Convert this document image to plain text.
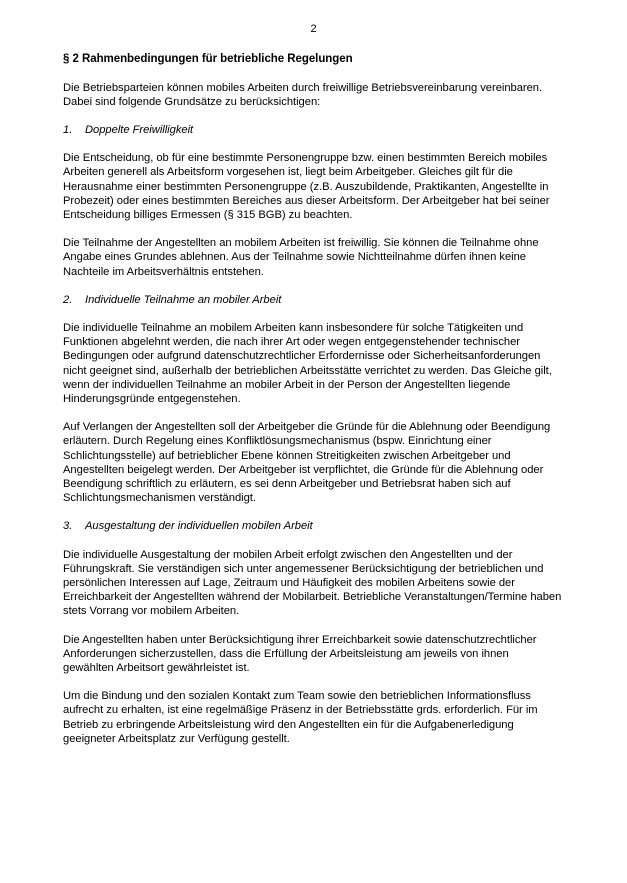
2
§ 2 Rahmenbedingungen für betriebliche Regelungen

Die Betriebsparteien können mobiles Arbeiten durch freiwillige Betriebsvereinbarung vereinbaren. Dabei sind folgende Grundsätze zu berücksichtigen:

1.	Doppelte Freiwilligkeit

Die Entscheidung, ob für eine bestimmte Personengruppe bzw. einen bestimmten Bereich mobiles Arbeiten generell als Arbeitsform vorgesehen ist, liegt beim Arbeitgeber. Gleiches gilt für die Herausnahme einer bestimmten Personengruppe (z.B. Auszubildende, Praktikanten, Angestellte in Probezeit) oder eines bestimmten Bereiches aus dieser Arbeitsform. Der Arbeitgeber hat bei seiner Entscheidung billiges Ermessen (§ 315 BGB) zu beachten.

Die Teilnahme der Angestellten an mobilem Arbeiten ist freiwillig. Sie können die Teilnahme ohne Angabe eines Grundes ablehnen. Aus der Teilnahme sowie Nichtteilnahme dürfen ihnen keine Nachteile im Arbeitsverhältnis entstehen.

2.	Individuelle Teilnahme an mobiler Arbeit

Die individuelle Teilnahme an mobilem Arbeiten kann insbesondere für solche Tätigkeiten und Funktionen abgelehnt werden, die nach ihrer Art oder wegen entgegenstehender technischer Bedingungen oder aufgrund datenschutzrechtlicher Erfordernisse oder Sicherheitsanforderungen nicht geeignet sind, außerhalb der betrieblichen Arbeitsstätte verrichtet zu werden. Das Gleiche gilt, wenn der individuellen Teilnahme an mobiler Arbeit in der Person der Angestellten liegende Hinderungsgründe entgegenstehen.

Auf Verlangen der Angestellten soll der Arbeitgeber die Gründe für die Ablehnung oder Beendigung erläutern. Durch Regelung eines Konfliktlösungsmechanismus (bspw. Einrichtung einer Schlichtungsstelle) auf betrieblicher Ebene können Streitigkeiten zwischen Arbeitgeber und Angestellten beigelegt werden. Der Arbeitgeber ist verpflichtet, die Gründe für die Ablehnung oder Beendigung schriftlich zu erläutern, es sei denn Arbeitgeber und Betriebsrat haben sich auf Schlichtungsmechanismen verständigt.

3.	Ausgestaltung der individuellen mobilen Arbeit

Die individuelle Ausgestaltung der mobilen Arbeit erfolgt zwischen den Angestellten und der Führungskraft. Sie verständigen sich unter angemessener Berücksichtigung der betrieblichen und persönlichen Interessen auf Lage, Zeitraum und Häufigkeit des mobilen Arbeitens sowie der Erreichbarkeit der Angestellten während der Mobilarbeit. Betriebliche Veranstaltungen/Termine haben stets Vorrang vor mobilem Arbeiten.

Die Angestellten haben unter Berücksichtigung ihrer Erreichbarkeit sowie datenschutzrechtlicher Anforderungen sicherzustellen, dass die Erfüllung der Arbeitsleistung am jeweils von ihnen gewählten Arbeitsort gewährleistet ist.

Um die Bindung und den sozialen Kontakt zum Team sowie den betrieblichen Informationsfluss aufrecht zu erhalten, ist eine regelmäßige Präsenz in der Betriebsstätte grds. erforderlich. Für im Betrieb zu erbringende Arbeitsleistung wird den Angestellten ein für die Aufgabenerledigung geeigneter Arbeitsplatz zur Verfügung gestellt.
